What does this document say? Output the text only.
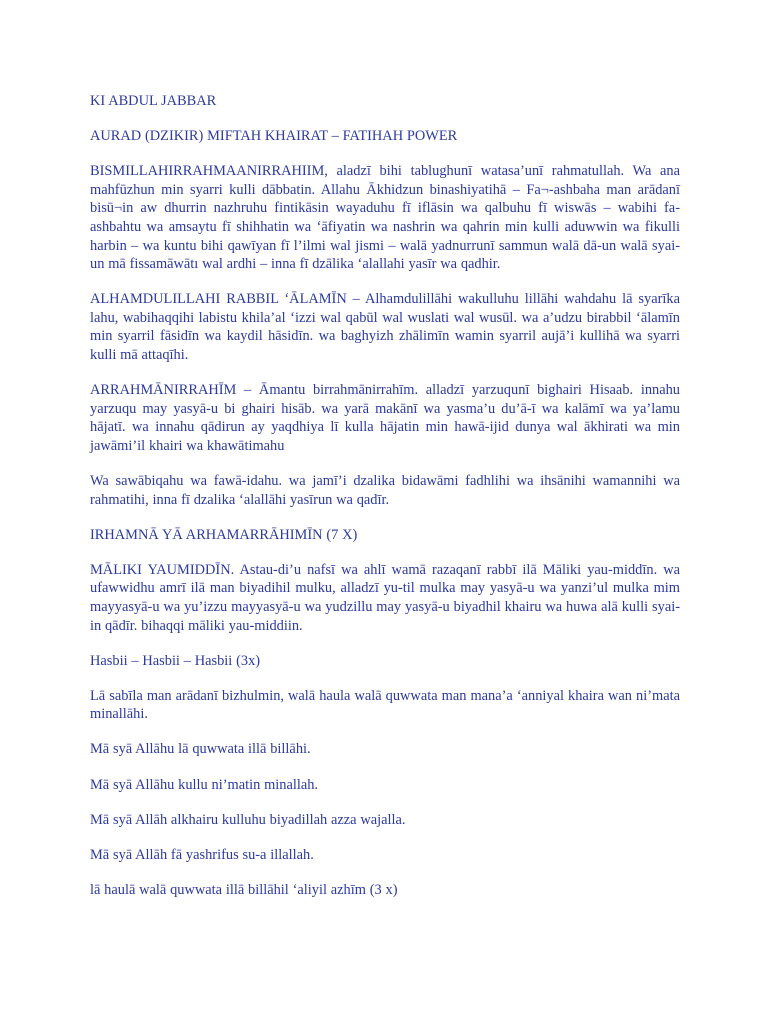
KI ABDUL JABBAR

AURAD (DZIKIR) MIFTAH KHAIRAT – FATIHAH POWER

BISMILLAHIRRAHMAANIRRAHIIM, aladzī bihi tablughunī watasa’unī rahmatullah. Wa ana mahfūzhun min syarri kulli dābbatin. Allahu Ākhidzun binashiyatihā – Fa¬-ashbaha man arādanī bisū¬in aw dhurrin nazhruhu fintikāsin wayaduhu fī iflāsin wa qalbuhu fī wiswās – wabihi fa-ashbahtu wa amsaytu fī shihhatin wa ‘āfiyatin wa nashrin wa qahrin min kulli aduwwin wa fikulli harbin – wa kuntu bihi qawīyan fī l’ilmi wal jismi – walā yadnurrunī sammun walā dā-un walā syai-un mā fissamāwātı wal ardhi – inna fī dzālika ‘alallahi yasīr wa qadhir.

ALHAMDULILLAHI RABBIL ‘ĀLAMĪN – Alhamdulillāhi wakulluhu lillāhi wahdahu lā syarīka lahu, wabihaqqihi labistu khila’al ‘izzi wal qabūl wal wuslati wal wusūl. wa a’udzu birabbil ‘ālamīn min syarril fāsidīn wa kaydil hāsidīn. wa baghyizh zhālimīn wamin syarril aujā’i kullihā wa syarri kulli mā attaqīhi.

ARRAHMĀNIRRAHĪM – Āmantu birrahmānirrahīm. alladzī yarzuqunī bighairi Hisaab. innahu yarzuqu may yasyā-u bi ghairi hisāb. wa yarā makānī wa yasma’u du’ā-ī wa kalāmī wa ya’lamu hājatī. wa innahu qādirun ay yaqdhiya lī kulla hājatin min hawā-ijid dunya wal ākhirati wa min jawāmi’il khairi wa khawātimahu

Wa sawābiqahu wa fawā-idahu. wa jamī’i dzalika bidawāmi fadhlihi wa ihsānihi wamannihi wa rahmatihi, inna fī dzalika ‘alallāhi yasīrun wa qadīr.

IRHAMNĀ YĀ ARHAMARRĀHIMĪN (7 X)

MĀLIKI YAUMIDDĪN. Astau-di’u nafsī wa ahlī wamā razaqanī rabbī ilā Māliki yau-middīn. wa ufawwidhu amrī ilā man biyadihil mulku, alladzī yu-til mulka may yasyā-u wa yanzi’ul mulka mim mayyasyā-u wa yu’izzu mayyasyā-u wa yudzillu may yasyā-u biyadhil khairu wa huwa alā kulli syai-in qādīr. bihaqqi māliki yau-middiin.

Hasbii – Hasbii – Hasbii (3x)

Lā sabīla man arādanī bizhulmin, walā haula walā quwwata man mana’a ‘anniyal khaira wan ni’mata minallāhi.

Mā syā Allāhu lā quwwata illā billāhi.

Mā syā Allāhu kullu ni’matin minallah.

Mā syā Allāh alkhairu kulluhu biyadillah azza wajalla.

Mā syā Allāh fā yashrifus su-a illallah.

lā haulā walā quwwata illā billāhil ‘aliyil azhīm (3 x)
